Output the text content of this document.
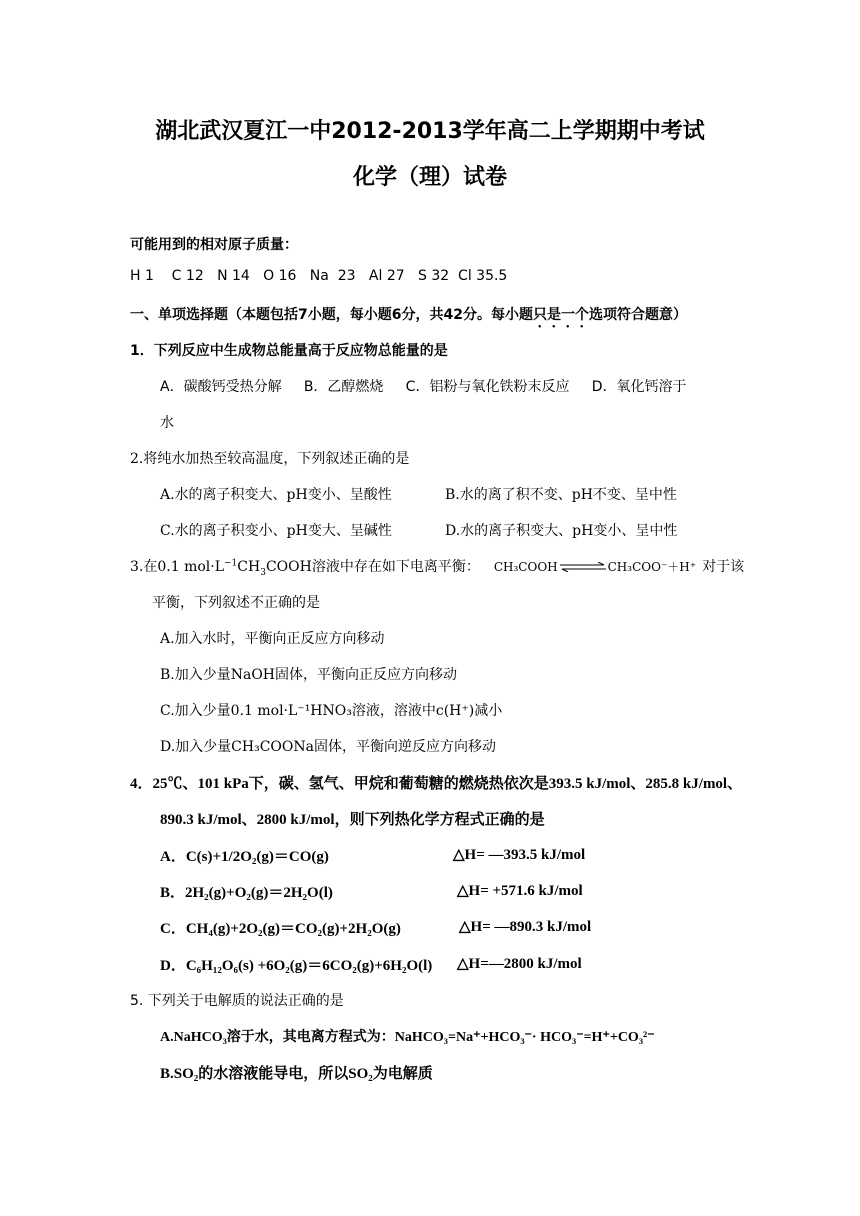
湖北武汉夏江一中2012-2013学年高二上学期期中考试
化学（理）试卷
可能用到的相对原子质量：
H 1    C 12   N 14   O 16   Na  23   Al 27   S 32  Cl 35.5
一、单项选择题（本题包括7小题，每小题6分，共42分。每小题只是一个选项符合题意）
1．下列反应中生成物总能量高于反应物总能量的是
A．碳酸钙受热分解     B．乙醇燃烧     C．铝粉与氧化铁粉末反应     D．氧化钙溶于
水
2.将纯水加热至较高温度，下列叙述正确的是
A.水的离子积变大、pH变小、呈酸性	B.水的离了积不变、pH不变、呈中性
C.水的离子积变小、pH变大、呈碱性	D.水的离子积变大、pH变小、呈中性
3.在0.1 $mol\cdot L^{-1}CH_3COOH$溶液中存在如下电离平衡： CH₃COOH ⇌ CH₃COO⁻＋H⁺ 对于该
平衡，下列叙述不正确的是
A.加入水时，平衡向正反应方向移动
B.加入少量NaOH固体，平衡向正反应方向移动
C.加入少量0.1 mol·L⁻¹HNO₃溶液，溶液中c(H⁺)减小
D.加入少量CH₃COONa固体，平衡向逆反应方向移动
4．25℃、101 kPa下，碳、氢气、甲烷和葡萄糖的燃烧热依次是393.5 kJ/mol、285.8 kJ/mol、
890.3 kJ/mol、2800 kJ/mol，则下列热化学方程式正确的是
A．C(s)+1/2O₂(g)＝CO(g)	△H= —393.5 kJ/mol
B．2H₂(g)+O₂(g)＝2H₂O(l)	△H= +571.6 kJ/mol
C．CH₄(g)+2O₂(g)＝CO₂(g)+2H₂O(g)	△H= —890.3 kJ/mol
D．C₆H₁₂O₆(s) +6O₂(g)＝6CO₂(g)+6H₂O(l) △H=—2800 kJ/mol
5. 下列关于电解质的说法正确的是
A.NaHCO₃溶于水，其电离方程式为：NaHCO₃=Na⁺+HCO₃⁻· HCO₃⁻=H⁺+CO₃²⁻
B.SO₂的水溶液能导电，所以SO₂为电解质
